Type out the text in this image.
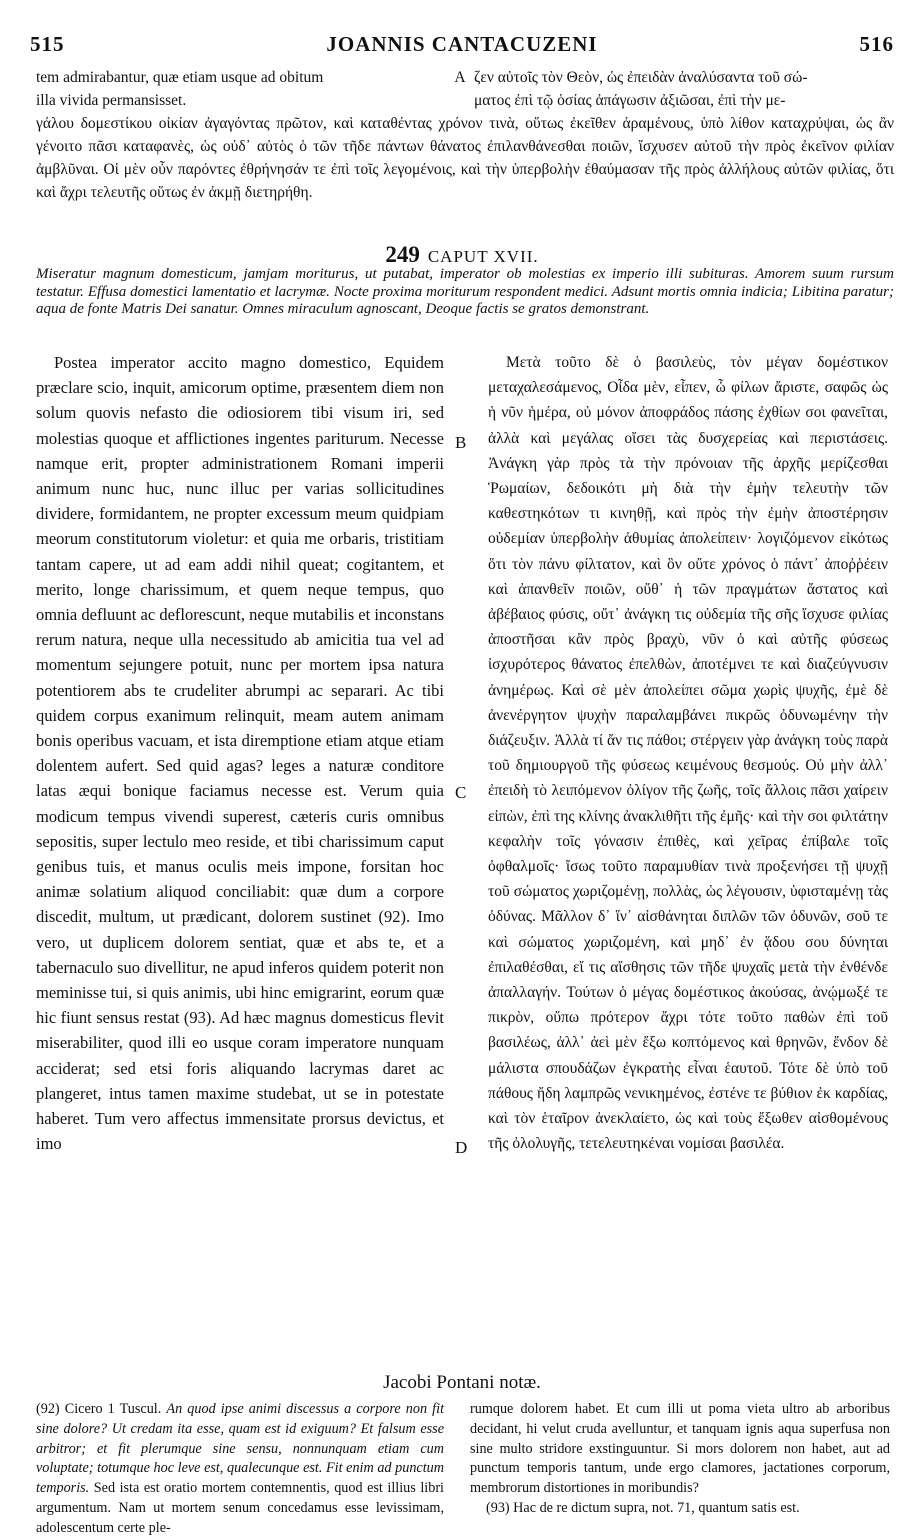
515	JOANNIS CANTACUZENI	516
tem admirabantur, quæ etiam usque ad obitum	A ζεν αὐτοῖς τὸν Θεὸν, ὡς ἐπειδὰν ἀναλύσαντα τοῦ σώ-
illa vivida permansisset.	ματος ἐπὶ τῷ ὁσίας ἀπάγωσιν ἀξιῶσαι, ἐπὶ τὴν με-
γάλου δομεστίκου οἰκίαν ἀγαγόντας πρῶτον, καὶ καταθέντας χρόνον τινὰ, οὕτως ἐκεῖθεν ἀραμένους, ὑπὸ λίθον καταχρύψαι, ὡς ἂν γένοιτο πᾶσι καταφανὲς, ὡς οὐδ᾽ αὐτὸς ὁ τῶν τῆδε πάντων θάνατος ἐπιλανθάνεσθαι ποιῶν, ἴσχυσεν αὐτοῦ τὴν πρὸς ἐκεῖνον φιλίαν ἀμβλῦναι. Οἱ μὲν οὖν παρόντες ἐθρήνησάν τε ἐπὶ τοῖς λεγομένοις, καὶ τὴν ὑπερβολὴν ἐθαύμασαν τῆς πρὸς ἀλλήλους αὐτῶν φιλίας, ὅτι καὶ ἄχρι τελευτῆς οὕτως ἐν ἀκμῇ διετηρήθη.
249 CAPUT XVII.
Miseratur magnum domesticum, jamjam moriturus, ut putabat, imperator ob molestias ex imperio illi subituras. Amorem suum rursum testatur. Effusa domestici lamentatio et lacrymæ. Nocte proxima moriturum respondent medici. Adsunt mortis omnia indicia; Libitina paratur; aqua de fonte Matris Dei sanatur. Omnes miraculum agnoscant, Deoque factis se gratos demonstrant.

Postea imperator accito magno domestico, Equidem præclare scio, inquit, amicorum optime, præsentem diem non solum quovis nefasto die odiosiorem tibi visum iri, sed molestias quoque et afflictiones ingentes pariturum. Necesse namque erit, propter administrationem Romani imperii animum nunc huc, nunc illuc per varias sollicitudines dividere, formidantem, ne propter excessum meum quidpiam meorum constitutorum violetur: et quia me orbaris, tristitiam tantam capere, ut ad eam addi nihil queat; cogitantem, et merito, longe charissimum, et quem neque tempus, quo omnia defluunt ac deflorescunt, neque mutabilis et inconstans rerum natura, neque ulla necessitudo ab amicitia tua vel ad momentum sejungere potuit, nunc per mortem ipsa natura potentiorem abs te crudeliter abrumpi ac separari. Ac tibi quidem corpus exanimum relinquit, meam autem animam bonis operibus vacuam, et ista diremptione etiam atque etiam dolentem aufert. Sed quid agas? leges a naturæ conditore latas æqui bonique faciamus necesse est. Verum quia modicum tempus vivendi superest, cæteris curis omnibus sepositis, super lectulo meo reside, et tibi charissimum caput genibus tuis, et manus oculis meis impone, forsitan hoc animæ solatium aliquod conciliabit: quæ dum a corpore discedit, multum, ut prædicant, dolorem sustinet (92). Imo vero, ut duplicem dolorem sentiat, quæ et abs te, et a tabernaculo suo divellitur, ne apud inferos quidem poterit non meminisse tui, si quis animis, ubi hinc emigrarint, eorum quæ hic fiunt sensus restat (93). Ad hæc magnus domesticus flevit miserabiliter, quod illi eo usque coram imperatore nunquam acciderat; sed etsi foris aliquando lacrymas daret ac plangeret, intus tamen maxime studebat, ut se in potestate haberet. Tum vero affectus immensitate prorsus devictus, et imo

B
C
D

Μετὰ τοῦτο δὲ ὁ βασιλεὺς, τὸν μέγαν δομέστικον μεταχαλεσάμενος, Οἶδα μὲν, εἶπεν, ὦ φίλων ἄριστε, σαφῶς ὡς ἡ νῦν ἡμέρα, οὐ μόνον ἀποφράδος πάσης ἐχθίων σοι φανεῖται, ἀλλὰ καὶ μεγάλας οἴσει τὰς δυσχερείας καὶ περιστάσεις. Ἀνάγκη γὰρ πρὸς τὰ τὴν πρόνοιαν τῆς ἀρχῆς μερίζεσθαι Ῥωμαίων, δεδοικότι μὴ διὰ τὴν ἐμὴν τελευτὴν τῶν καθεστηκότων τι κινηθῇ, καὶ πρὸς τὴν ἐμὴν ἀποστέρησιν οὐδεμίαν ὑπερβολὴν ἀθυμίας ἀπολείπειν· λογιζόμενον εἰκότως ὅτι τὸν πάνυ φίλτατον, καὶ ὃν οὔτε χρόνος ὁ πάντ᾽ ἀποῤῥέειν καὶ ἀπανθεῖν ποιῶν, οὔθ᾽ ἡ τῶν πραγμάτων ἄστατος καὶ ἀβέβαιος φύσις, οὔτ᾽ ἀνάγκη τις οὐδεμία τῆς σῆς ἴσχυσε φιλίας ἀποστῆσαι κἂν πρὸς βραχὺ, νῦν ὁ καὶ αὐτῆς φύσεως ἰσχυρότερος θάνατος ἐπελθὼν, ἀποτέμνει τε καὶ διαζεύγνυσιν ἀνημέρως. Καὶ σὲ μὲν ἀπολείπει σῶμα χωρὶς ψυχῆς, ἐμὲ δὲ ἀνενέργητον ψυχὴν παραλαμβάνει πικρῶς ὀδυνωμένην τὴν διάζευξιν. Ἀλλὰ τί ἄν τις πάθοι; στέργειν γὰρ ἀνάγκη τοὺς παρὰ τοῦ δημιουργοῦ τῆς φύσεως κειμένους θεσμούς. Οὐ μὴν ἀλλ᾽ ἐπειδὴ τὸ λειπόμενον ὀλίγον τῆς ζωῆς, τοῖς ἄλλοις πᾶσι χαίρειν εἰπὼν, ἐπὶ της κλίνης ἀνακλιθῆτι τῆς ἐμῆς· καὶ τὴν σοι φιλτάτην κεφαλὴν τοῖς γόνασιν ἐπιθὲς, καὶ χεῖρας ἐπίβαλε τοῖς ὀφθαλμοῖς· ἴσως τοῦτο παραμυθίαν τινὰ προξενήσει τῇ ψυχῇ τοῦ σώματος χωριζομένῃ, πολλὰς, ὡς λέγουσιν, ὑφισταμένῃ τὰς ὀδύνας. Μᾶλλον δ᾽ ἵν᾽ αἰσθάνηται διπλῶν τῶν ὀδυνῶν, σοῦ τε καὶ σώματος χωριζομένη, καὶ μηδ᾽ ἐν ᾅδου σου δύνηται ἐπιλαθέσθαι, εἴ τις αἴσθησις τῶν τῆδε ψυχαῖς μετὰ τὴν ἐνθένδε ἀπαλλαγήν. Τούτων ὁ μέγας δομέστικος ἀκούσας, ἀνῴμωξέ τε πικρὸν, οὔπω πρότερον ἄχρι τότε τοῦτο παθὼν ἐπὶ τοῦ βασιλέως, ἀλλ᾽ ἀεὶ μὲν ἔξω κοπτόμενος καὶ θρηνῶν, ἔνδον δὲ μάλιστα σπουδάζων ἐγκρατὴς εἶναι ἑαυτοῦ. Τότε δὲ ὑπὸ τοῦ πάθους ἤδη λαμπρῶς νενικημένος, ἐστένε τε βύθιον ἐκ καρδίας, καὶ τὸν ἑταῖρον ἀνεκλαίετο, ὡς καὶ τοὺς ἔξωθεν αἰσθομένους τῆς ὀλολυγῆς, τετελευτηκέναι νομίσαι βασιλέα.

Jacobi Pontani notæ.

(92) Cicero 1 Tuscul. An quod ipse animi discessus a corpore non fit sine dolore? Ut credam ita esse, quam est id exiguum? Et falsum esse arbitror; et fit plerumque sine sensu, nonnunquam etiam cum voluptate; totumque hoc leve est, qualecunque est. Fit enim ad punctum temporis. Sed ista est oratio mortem contemnentis, quod est illius libri argumentum. Nam ut mortem senum concedamus esse levissimam, adolescentum certe ple-

rumque dolorem habet. Et cum illi ut poma vieta ultro ab arboribus decidant, hi velut cruda avelluntur, et tanquam ignis aqua superfusa non sine multo stridore exstinguuntur. Si mors dolorem non habet, aut ad punctum temporis tantum, unde ergo clamores, jactationes corporum, membrorum distortiones in moribundis?

(93) Hac de re dictum supra, not. 71, quantum satis est.
